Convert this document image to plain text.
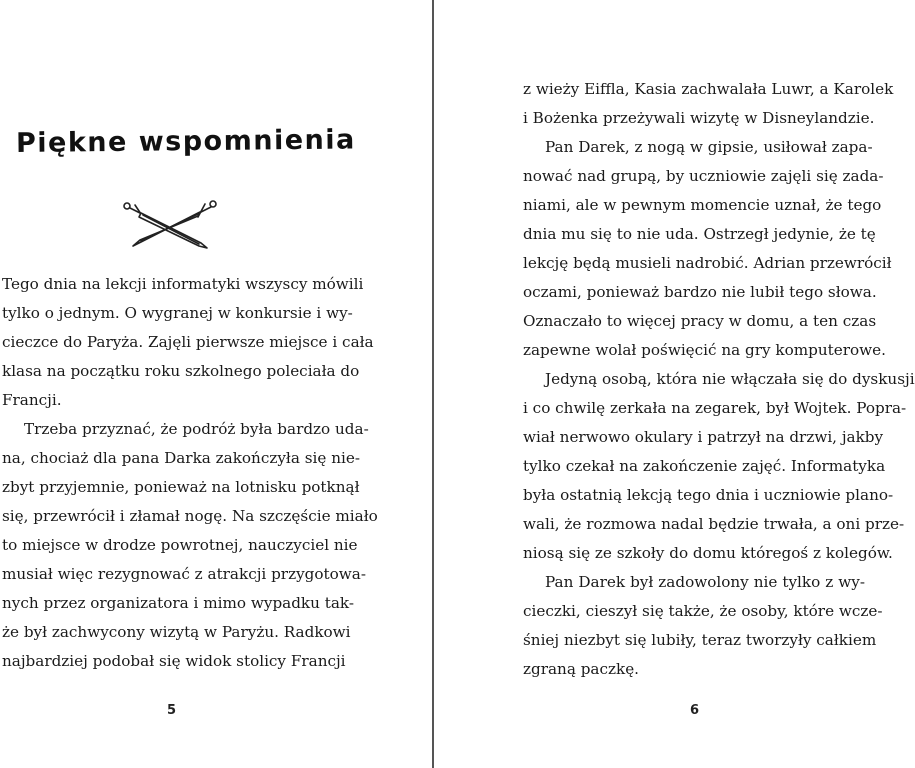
Piękne wspomnienia
Tego dnia na lekcji informatyki wszyscy mówili
tylko o jednym. O wygranej w konkursie i wy-
cieczce do Paryża. Zajęli pierwsze miejsce i cała
klasa na początku roku szkolnego poleciała do
Francji.
Trzeba przyznać, że podróż była bardzo uda-
na, chociaż dla pana Darka zakończyła się nie-
zbyt przyjemnie, ponieważ na lotnisku potknął
się, przewrócił i złamał nogę. Na szczęście miało
to miejsce w drodze powrotnej, nauczyciel nie
musiał więc rezygnować z atrakcji przygotowa-
nych przez organizatora i mimo wypadku tak-
że był zachwycony wizytą w Paryżu. Radkowi
najbardziej podobał się widok stolicy Francji
5	6
z wieży Eiffla, Kasia zachwalała Luwr, a Karolek
i Bożenka przeżywali wizytę w Disneylandzie.
Pan Darek, z nogą w gipsie, usiłował zapa-
nować nad grupą, by uczniowie zajęli się zada-
niami, ale w pewnym momencie uznał, że tego
dnia mu się to nie uda. Ostrzegł jedynie, że tę
lekcję będą musieli nadrobić. Adrian przewrócił
oczami, ponieważ bardzo nie lubił tego słowa.
Oznaczało to więcej pracy w domu, a ten czas
zapewne wolał poświęcić na gry komputerowe.
Jedyną osobą, która nie włączała się do dyskusji
i co chwilę zerkała na zegarek, był Wojtek. Popra-
wiał nerwowo okulary i patrzył na drzwi, jakby
tylko czekał na zakończenie zajęć. Informatyka
była ostatnią lekcją tego dnia i uczniowie plano-
wali, że rozmowa nadal będzie trwała, a oni prze-
niosą się ze szkoły do domu któregoś z kolegów.
Pan Darek był zadowolony nie tylko z wy-
cieczki, cieszył się także, że osoby, które wcze-
śniej niezbyt się lubiły, teraz tworzyły całkiem
zgraną paczkę.
